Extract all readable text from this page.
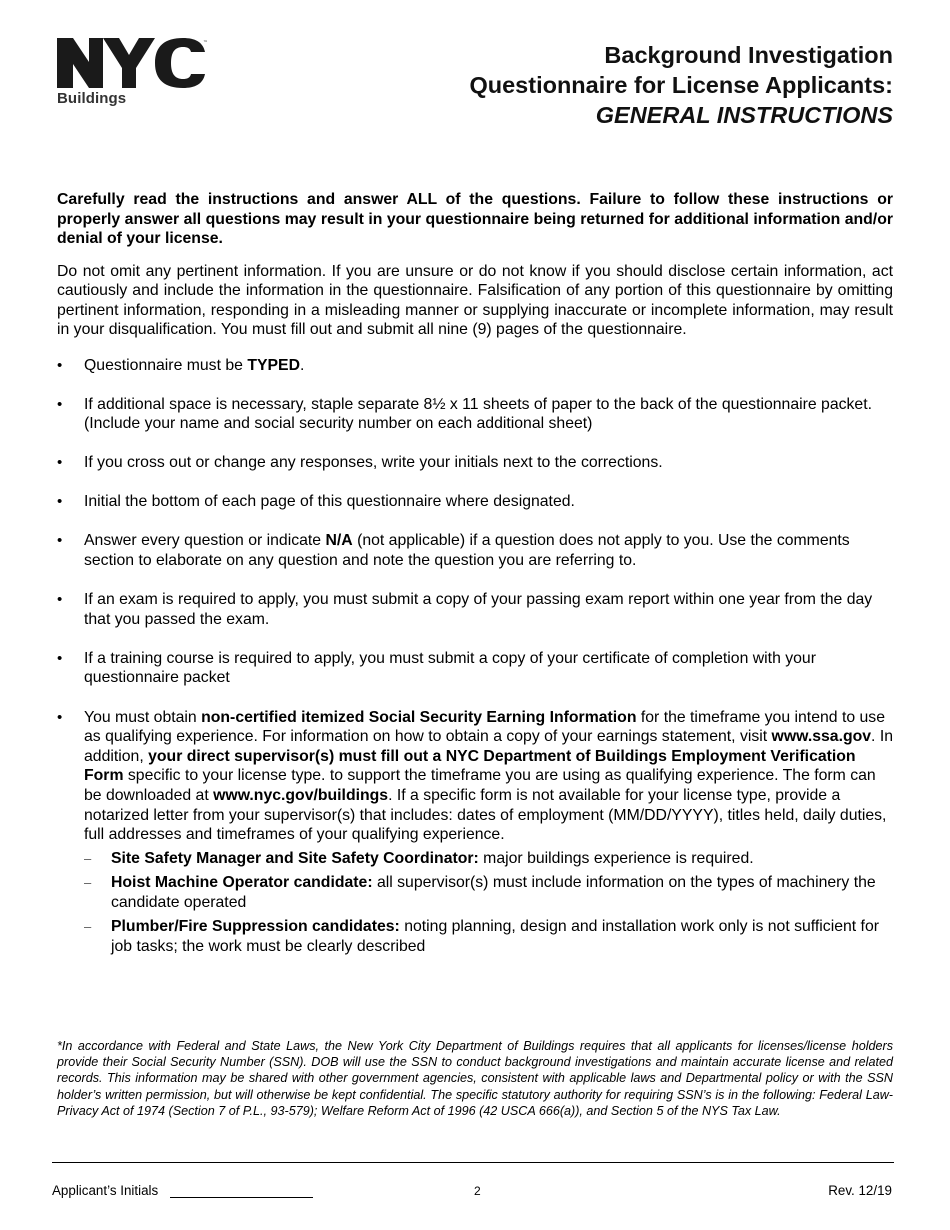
™
Buildings
Background Investigation
Questionnaire for License Applicants:
GENERAL INSTRUCTIONS

Carefully read the instructions and answer ALL of the questions. Failure to follow these instructions or properly answer all questions may result in your questionnaire being returned for additional information and/or denial of your license.

Do not omit any pertinent information. If you are unsure or do not know if you should disclose certain information, act cautiously and include the information in the questionnaire. Falsification of any portion of this questionnaire by omitting pertinent information, responding in a misleading manner or supplying inaccurate or incomplete information, may result in your disqualification. You must fill out and submit all nine (9) pages of the questionnaire.

•	Questionnaire must be TYPED.
•	If additional space is necessary, staple separate 8½ x 11 sheets of paper to the back of the questionnaire packet. (Include your name and social security number on each additional sheet)
•	If you cross out or change any responses, write your initials next to the corrections.
•	Initial the bottom of each page of this questionnaire where designated.
•	Answer every question or indicate N/A (not applicable) if a question does not apply to you. Use the comments section to elaborate on any question and note the question you are referring to.
•	If an exam is required to apply, you must submit a copy of your passing exam report within one year from the day that you passed the exam.
•	If a training course is required to apply, you must submit a copy of your certificate of completion with your questionnaire packet
•	You must obtain non-certified itemized Social Security Earning Information for the timeframe you intend to use as qualifying experience. For information on how to obtain a copy of your earnings statement, visit www.ssa.gov. In addition, your direct supervisor(s) must fill out a NYC Department of Buildings Employment Verification Form specific to your license type. to support the timeframe you are using as qualifying experience. The form can be downloaded at www.nyc.gov/buildings. If a specific form is not available for your license type, provide a notarized letter from your supervisor(s) that includes: dates of employment (MM/DD/YYYY), titles held, daily duties, full addresses and timeframes of your qualifying experience.
– Site Safety Manager and Site Safety Coordinator: major buildings experience is required.
– Hoist Machine Operator candidate: all supervisor(s) must include information on the types of machinery the candidate operated
– Plumber/Fire Suppression candidates: noting planning, design and installation work only is not sufficient for job tasks; the work must be clearly described

*In accordance with Federal and State Laws, the New York City Department of Buildings requires that all applicants for licenses/license holders provide their Social Security Number (SSN). DOB will use the SSN to conduct background investigations and maintain accurate license and related records. This information may be shared with other government agencies, consistent with applicable laws and Departmental policy or with the SSN holder’s written permission, but will otherwise be kept confidential. The specific statutory authority for requiring SSN’s is in the following: Federal Law-Privacy Act of 1974 (Section 7 of P.L., 93-579); Welfare Reform Act of 1996 (42 USCA 666(a)), and Section 5 of the NYS Tax Law.

Applicant’s Initials	2	Rev. 12/19
